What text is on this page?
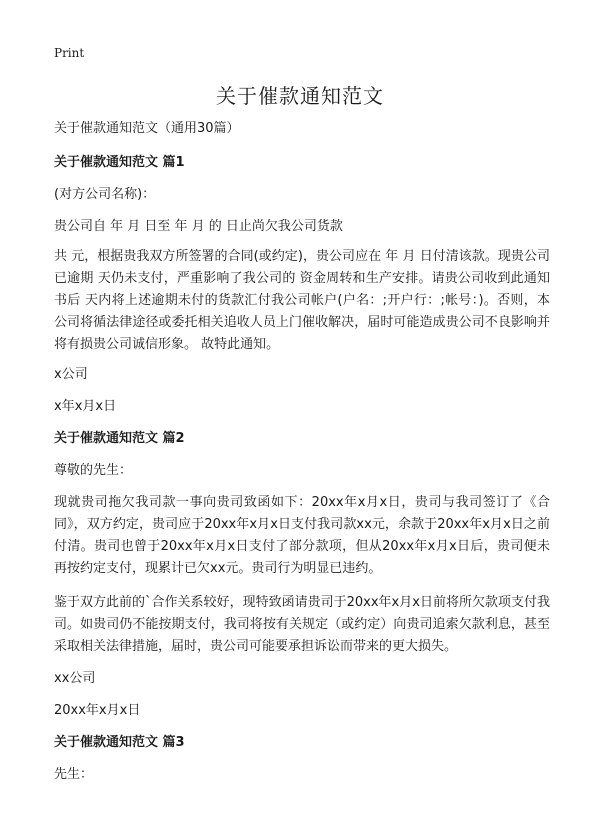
Print
关于催款通知范文

关于催款通知范文（通用30篇）

关于催款通知范文 篇1

(对方公司名称)：

贵公司自 年 月 日至 年 月 的 日止尚欠我公司货款

共 元，根据贵我双方所签署的合同(或约定)，贵公司应在 年 月 日付清该款。现贵公司已逾期 天仍未支付，严重影响了我公司的 资金周转和生产安排。请贵公司收到此通知书后 天内将上述逾期未付的货款汇付我公司帐户(户名：;开户行：;帐号：)。否则，本公司将循法律途径或委托相关追收人员上门催收解决，届时可能造成贵公司不良影响并将有损贵公司诚信形象。 故特此通知。

x公司

x年x月x日

关于催款通知范文 篇2

尊敬的先生：

现就贵司拖欠我司款一事向贵司致函如下：20xx年x月x日，贵司与我司签订了《合同》，双方约定，贵司应于20xx年x月x日支付我司款xx元，余款于20xx年x月x日之前付清。贵司也曾于20xx年x月x日支付了部分款项，但从20xx年x月x日后，贵司便未再按约定支付，现累计已欠xx元。贵司行为明显已违约。

鉴于双方此前的`合作关系较好，现特致函请贵司于20xx年x月x日前将所欠款项支付我司。如贵司仍不能按期支付，我司将按有关规定（或约定）向贵司追索欠款利息，甚至采取相关法律措施，届时，贵公司可能要承担诉讼而带来的更大损失。

xx公司

20xx年x月x日

关于催款通知范文 篇3

先生：
